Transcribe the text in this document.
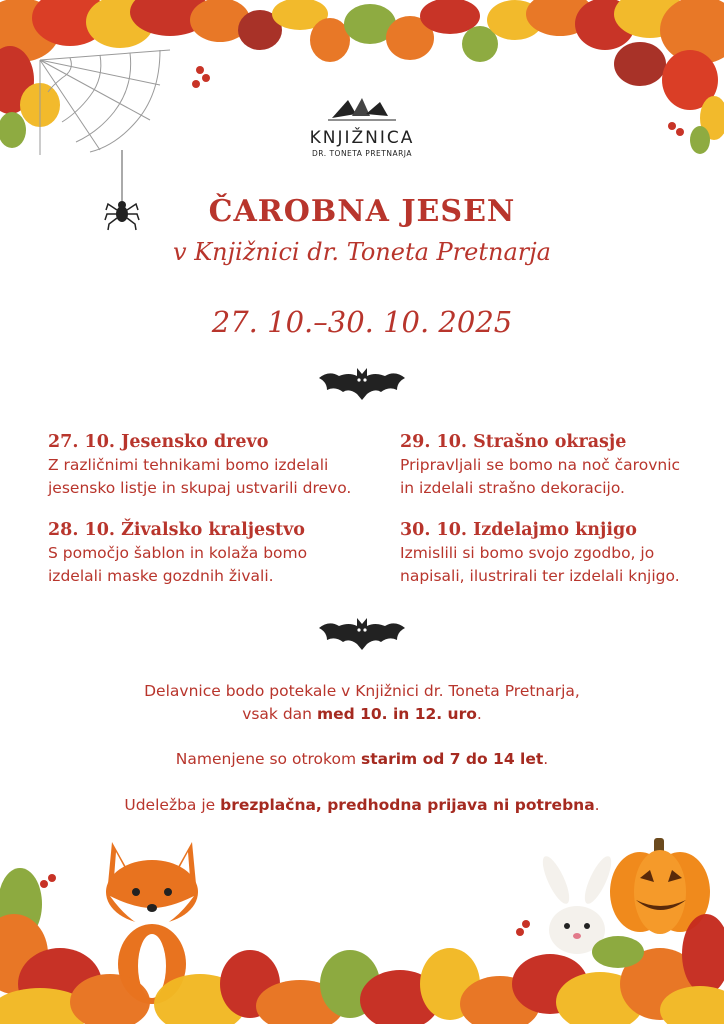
KNJIŽNICA
DR. TONETA PRETNARJA
ČAROBNA JESEN
v Knjižnici dr. Toneta Pretnarja
27. 10.–30. 10. 2025
27. 10. Jesensko drevo
Z različnimi tehnikami bomo izdelali
jesensko listje in skupaj ustvarili drevo.
28. 10. Živalsko kraljestvo
S pomočjo šablon in kolaža bomo
izdelali maske gozdnih živali.
29. 10. Strašno okrasje
Pripravljali se bomo na noč čarovnic
in izdelali strašno dekoracijo.
30. 10. Izdelajmo knjigo
Izmislili si bomo svojo zgodbo, jo
napisali, ilustrirali ter izdelali knjigo.
Delavnice bodo potekale v Knjižnici dr. Toneta Pretnarja,
vsak dan med 10. in 12. uro.
Namenjene so otrokom starim od 7 do 14 let.
Udeležba je brezplačna, predhodna prijava ni potrebna.
